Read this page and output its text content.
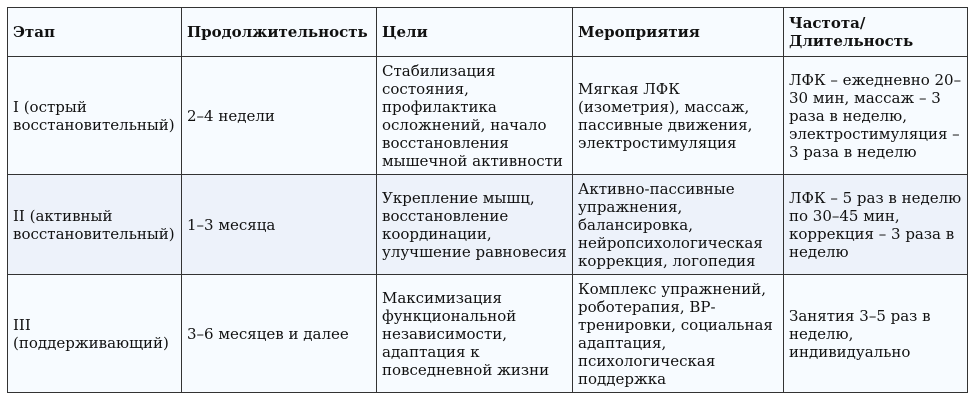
Этап	Продолжительность	Цели	Мероприятия	Частота/ Длительность
I (острый восстановительный)	2–4 недели	Стабилизация состояния, профилактика осложнений, начало восстановления мышечной активности	Мягкая ЛФК (изометрия), массаж, пассивные движения, электростимуляция	ЛФК – ежедневно 20–30 мин, массаж – 3 раза в неделю, электростимуляция – 3 раза в неделю
II (активный восстановительный)	1–3 месяца	Укрепление мышц, восстановление координации, улучшение равновесия	Активно-пассивные упражнения, балансировка, нейропсихологическая коррекция, логопедия	ЛФК – 5 раз в неделю по 30–45 мин, коррекция – 3 раза в неделю
III (поддерживающий)	3–6 месяцев и далее	Максимизация функциональной независимости, адаптация к повседневной жизни	Комплекс упражнений, роботерапия, ВР-тренировки, социальная адаптация, психологическая поддержка	Занятия 3–5 раз в неделю, индивидуально
